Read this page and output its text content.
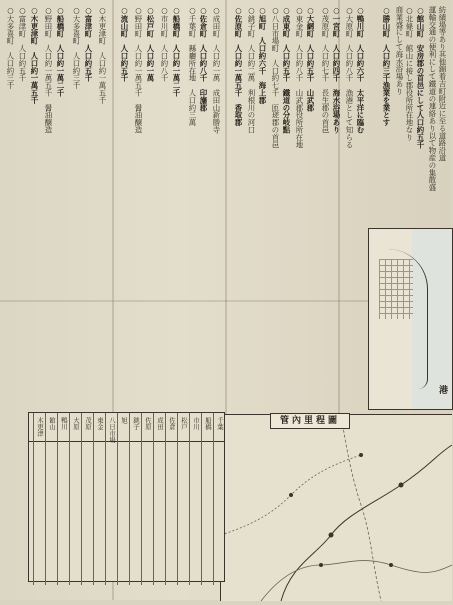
紡績場等あり其他錦着吉町附近に至る道路沿道
運輸交通の便利にして鐵道の連絡あり以て物産の集散盛
○館山町　安房郡の首邑にして人口約五千
○北條町　館山に接し郡役所所在地なり
商業盛にして海水浴場あり
○勝山町　人口約三千漁業を業とす
○鴨川町　人口約六千　太平洋に臨む
○大原町　人口約八千　漁港として知らる
○一宮町　人口約四千　海水浴場あり
○茂原町　人口約七千　長生郡の首邑
○大網町　人口約五千　山武郡
○東金町　人口約八千　山武郡役所所在地
○成東町　人口約五千　鐵道の分岐點
○八日市場町　人口約七千　匝瑳郡の首邑
○旭町　人口約六千　海上郡
○銚子町　人口約二萬　利根川の河口
○佐原町　人口約一萬五千　香取郡
○成田町　人口約一萬　成田山新勝寺
○佐倉町　人口約八千　印旛郡
○千葉町　縣廳所在地　人口約三萬
○船橋町　人口約一萬二千
○市川町　人口約八千
○松戸町　人口約一萬
○野田町　人口約一萬五千　醤油醸造
○流山町　人口約五千
○木更津町　人口約一萬五千
○富津町　人口約五千
○大多喜町　人口約三千
○船橋町　人口約一萬二千
○野田町　人口約一萬五千　醤油醸造
○木更津町　人口約一萬五千
○富津町　人口約五千
○大多喜町　人口約三千
港
管內里程圖
千葉
船橋
市川
松戸
佐倉
成田
佐原
銚子
旭
八日市場
東金
茂原
大原
鴨川
館山
木更津
